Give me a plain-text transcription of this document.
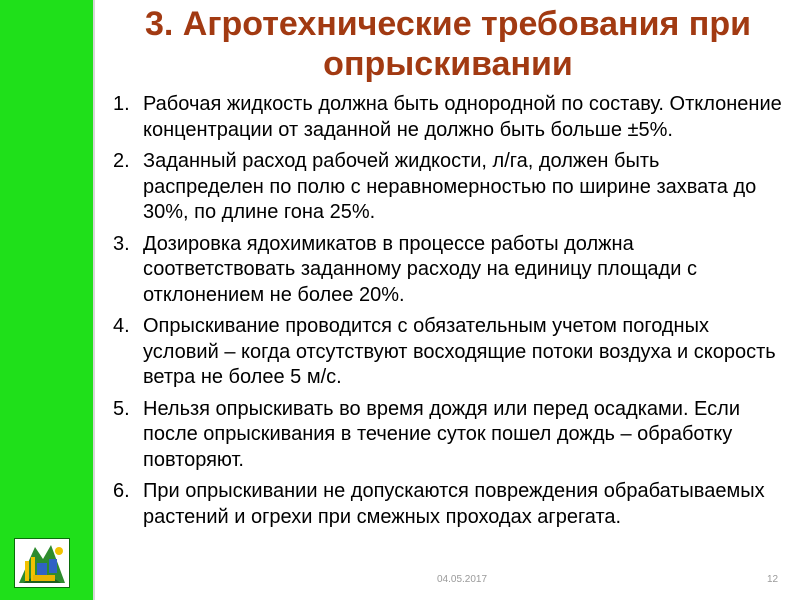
3. Агротехнические требования при опрыскивании
1. Рабочая жидкость должна быть однородной по составу. Отклонение концентрации от заданной не должно быть больше ±5%.
2. Заданный расход рабочей жидкости, л/га, должен быть распределен по полю с неравномерностью по ширине захвата до 30%, по длине гона 25%.
3. Дозировка ядохимикатов в процессе работы должна соответствовать заданному расходу на единицу площади с отклонением не более 20%.
4. Опрыскивание проводится с обязательным учетом погодных условий – когда отсутствуют восходящие потоки воздуха и скорость ветра не более 5 м/с.
5. Нельзя опрыскивать во время дождя или перед осадками. Если после опрыскивания в течение суток пошел дождь – обработку повторяют.
6. При опрыскивании не допускаются повреждения обрабатываемых растений и огрехи при смежных проходах агрегата.
04.05.2017	12
